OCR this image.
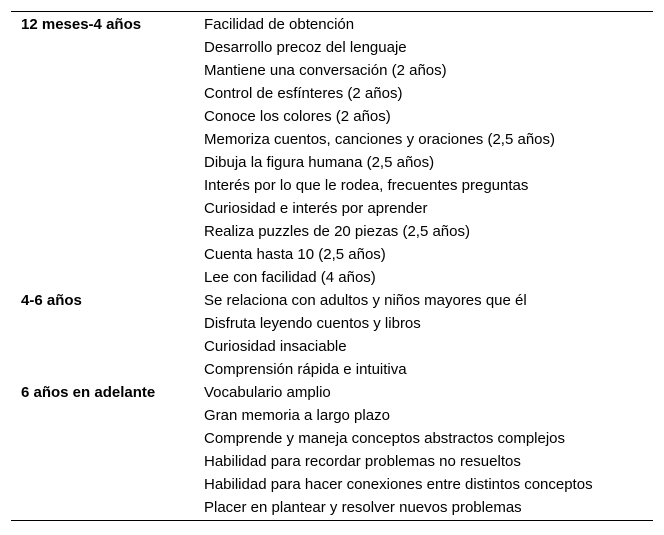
12 meses-4 años	Facilidad de obtención
Desarrollo precoz del lenguaje
Mantiene una conversación (2 años)
Control de esfínteres (2 años)
Conoce los colores (2 años)
Memoriza cuentos, canciones y oraciones (2,5 años)
Dibuja la figura humana (2,5 años)
Interés por lo que le rodea, frecuentes preguntas
Curiosidad e interés por aprender
Realiza puzzles de 20 piezas (2,5 años)
Cuenta hasta 10 (2,5 años)
Lee con facilidad (4 años)
4-6 años	Se relaciona con adultos y niños mayores que él
Disfruta leyendo cuentos y libros
Curiosidad insaciable
Comprensión rápida e intuitiva
6 años en adelante	Vocabulario amplio
Gran memoria a largo plazo
Comprende y maneja conceptos abstractos complejos
Habilidad para recordar problemas no resueltos
Habilidad para hacer conexiones entre distintos conceptos
Placer en plantear y resolver nuevos problemas
